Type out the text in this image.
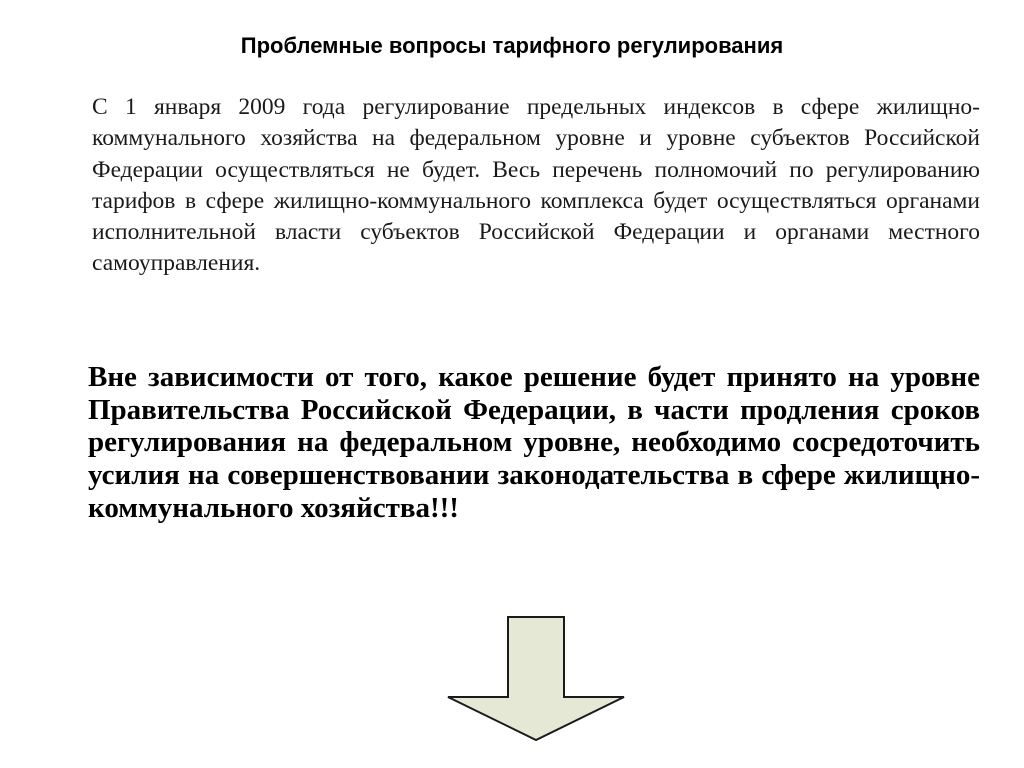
Проблемные вопросы тарифного регулирования
С 1 января 2009 года регулирование предельных индексов в сфере жилищно-коммунального хозяйства на федеральном уровне и уровне субъектов Российской Федерации осуществляться не будет. Весь перечень полномочий по регулированию тарифов в сфере жилищно-коммунального комплекса будет осуществляться органами исполнительной власти субъектов Российской Федерации и органами местного самоуправления.
Вне зависимости от того, какое решение будет принято на уровне Правительства Российской Федерации, в части продления сроков регулирования на федеральном уровне, необходимо сосредоточить усилия на совершенствовании законодательства в сфере жилищно-коммунального хозяйства!!!
